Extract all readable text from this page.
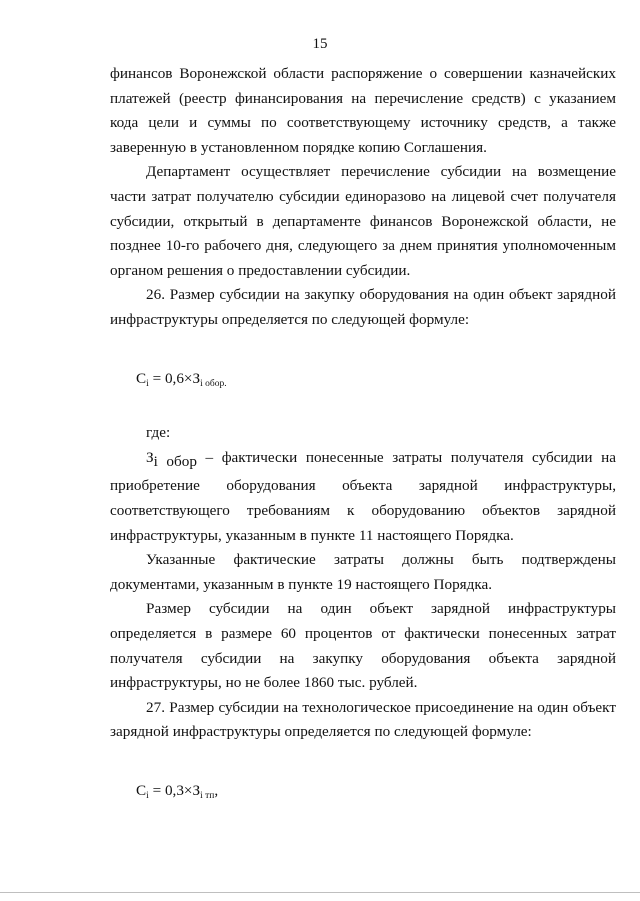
15

финансов Воронежской области распоряжение о совершении казначейских платежей (реестр финансирования на перечисление средств) с указанием кода цели и суммы по соответствующему источнику средств, а также заверенную в установленном порядке копию Соглашения.

Департамент осуществляет перечисление субсидии на возмещение части затрат получателю субсидии единоразово на лицевой счет получателя субсидии, открытый в департаменте финансов Воронежской области, не позднее 10-го рабочего дня, следующего за днем принятия уполномоченным органом решения о предоставлении субсидии.

26. Размер субсидии на закупку оборудования на один объект зарядной инфраструктуры определяется по следующей формуле:

$C_i = 0,6\times З_{i обор.}$

где:

$З_{i обор}$ – фактически понесенные затраты получателя субсидии на приобретение оборудования объекта зарядной инфраструктуры, соответствующего требованиям к оборудованию объектов зарядной инфраструктуры, указанным в пункте 11 настоящего Порядка.

Указанные фактические затраты должны быть подтверждены документами, указанным в пункте 19 настоящего Порядка.

Размер субсидии на один объект зарядной инфраструктуры определяется в размере 60 процентов от фактически понесенных затрат получателя субсидии на закупку оборудования объекта зарядной инфраструктуры, но не более 1860 тыс. рублей.

27. Размер субсидии на технологическое присоединение на один объект зарядной инфраструктуры определяется по следующей формуле:

$C_i = 0,3\times З_{i тп}$,
